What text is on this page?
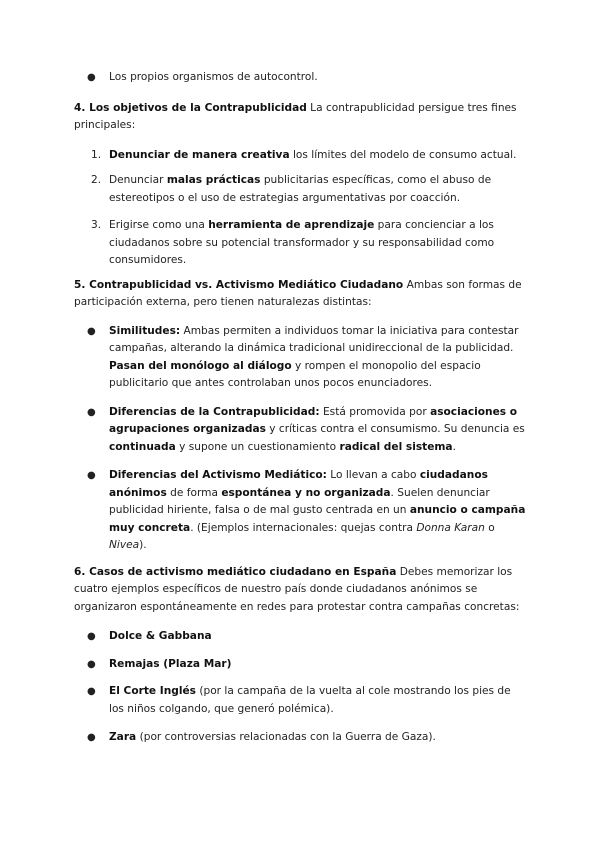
● Los propios organismos de autocontrol.

4. Los objetivos de la Contrapublicidad La contrapublicidad persigue tres fines principales:

1. Denunciar de manera creativa los límites del modelo de consumo actual.

2. Denunciar malas prácticas publicitarias específicas, como el abuso de estereotipos o el uso de estrategias argumentativas por coacción.

3. Erigirse como una herramienta de aprendizaje para concienciar a los ciudadanos sobre su potencial transformador y su responsabilidad como consumidores.

5. Contrapublicidad vs. Activismo Mediático Ciudadano Ambas son formas de participación externa, pero tienen naturalezas distintas:

● Similitudes: Ambas permiten a individuos tomar la iniciativa para contestar campañas, alterando la dinámica tradicional unidireccional de la publicidad. Pasan del monólogo al diálogo y rompen el monopolio del espacio publicitario que antes controlaban unos pocos enunciadores.

● Diferencias de la Contrapublicidad: Está promovida por asociaciones o agrupaciones organizadas y críticas contra el consumismo. Su denuncia es continuada y supone un cuestionamiento radical del sistema.

● Diferencias del Activismo Mediático: Lo llevan a cabo ciudadanos anónimos de forma espontánea y no organizada. Suelen denunciar publicidad hiriente, falsa o de mal gusto centrada en un anuncio o campaña muy concreta. (Ejemplos internacionales: quejas contra Donna Karan o Nivea).

6. Casos de activismo mediático ciudadano en España Debes memorizar los cuatro ejemplos específicos de nuestro país donde ciudadanos anónimos se organizaron espontáneamente en redes para protestar contra campañas concretas:

● Dolce & Gabbana

● Remajas (Plaza Mar)

● El Corte Inglés (por la campaña de la vuelta al cole mostrando los pies de los niños colgando, que generó polémica).

● Zara (por controversias relacionadas con la Guerra de Gaza).
